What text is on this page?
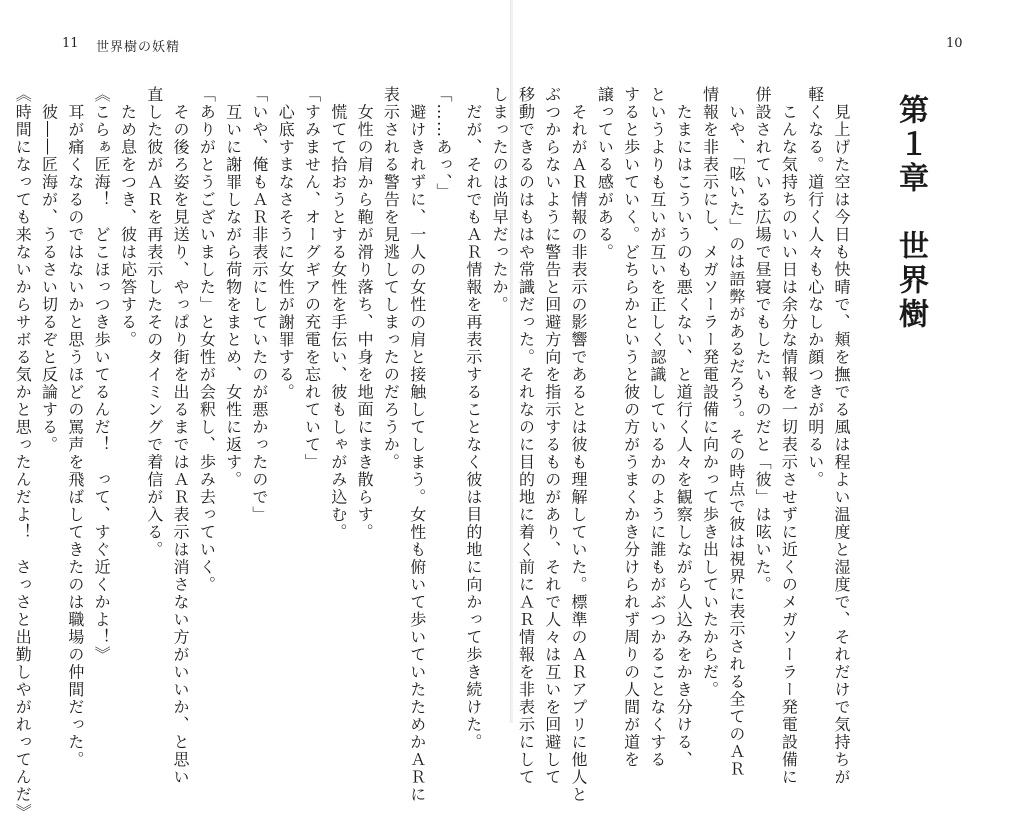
11 世界樹の妖精

「……あっ、」

　避けきれずに、一人の女性の肩と接触してしまう。女性も俯いて歩いていたためかＡＲに

表示される警告を見逃してしまったのだろうか。

　女性の肩から鞄が滑り落ち、中身を地面にまき散らす。

　慌てて拾おうとする女性を手伝い、彼もしゃがみ込む。

「すみません、オーグギアの充電を忘れていて」

　心底すまなさそうに女性が謝罪する。

「いや、俺もＡＲ非表示にしていたのが悪かったので」

　互いに謝罪しながら荷物をまとめ、女性に返す。

「ありがとうございました」と女性が会釈し、歩み去っていく。

　その後ろ姿を見送り、やっぱり街を出るまではＡＲ表示は消さない方がいいか、と思い

直した彼がＡＲを再表示したそのタイミングで着信が入る。

　ため息をつき、彼は応答する。

《こらぁ匠海！　どこほっつき歩いてるんだ！　って、すぐ近くかよ！》

　耳が痛くなるのではないかと思うほどの罵声を飛ばしてきたのは職場の仲間だった。

　彼――匠海が、うるさい切るぞと反論する。

《時間になっても来ないからサボる気かと思ったんだよ！　さっさと出勤しやがれってんだ》

10
第１章　世界樹

　見上げた空は今日も快晴で、頬を撫でる風は程よい温度と湿度で、それだけで気持ちが

軽くなる。道行く人々も心なしか顔つきが明るい。

　こんな気持ちのいい日は余分な情報を一切表示させずに近くのメガソーラー発電設備に

併設されている広場で昼寝でもしたいものだと「彼」は呟いた。

　いや、「呟いた」のは語弊があるだろう。その時点で彼は視界に表示される全てのＡＲ

情報を非表示にし、メガソーラー発電設備に向かって歩き出していたからだ。

　たまにはこういうのも悪くない、と道行く人々を観察しながら人込みをかき分ける、

というよりも互いが互いを正しく認識しているかのように誰もがぶつかることなくする

すると歩いていく。どちらかというと彼の方がうまくかき分けられず周りの人間が道を

譲っている感がある。

　それがＡＲ情報の非表示の影響であるとは彼も理解していた。標準のＡＲアプリに他人と

ぶつからないように警告と回避方向を指示するものがあり、それで人々は互いを回避して

移動できるのはもはや常識だった。それなのに目的地に着く前にＡＲ情報を非表示にして

しまったのは尚早だったか。

　だが、それでもＡＲ情報を再表示することなく彼は目的地に向かって歩き続けた。
